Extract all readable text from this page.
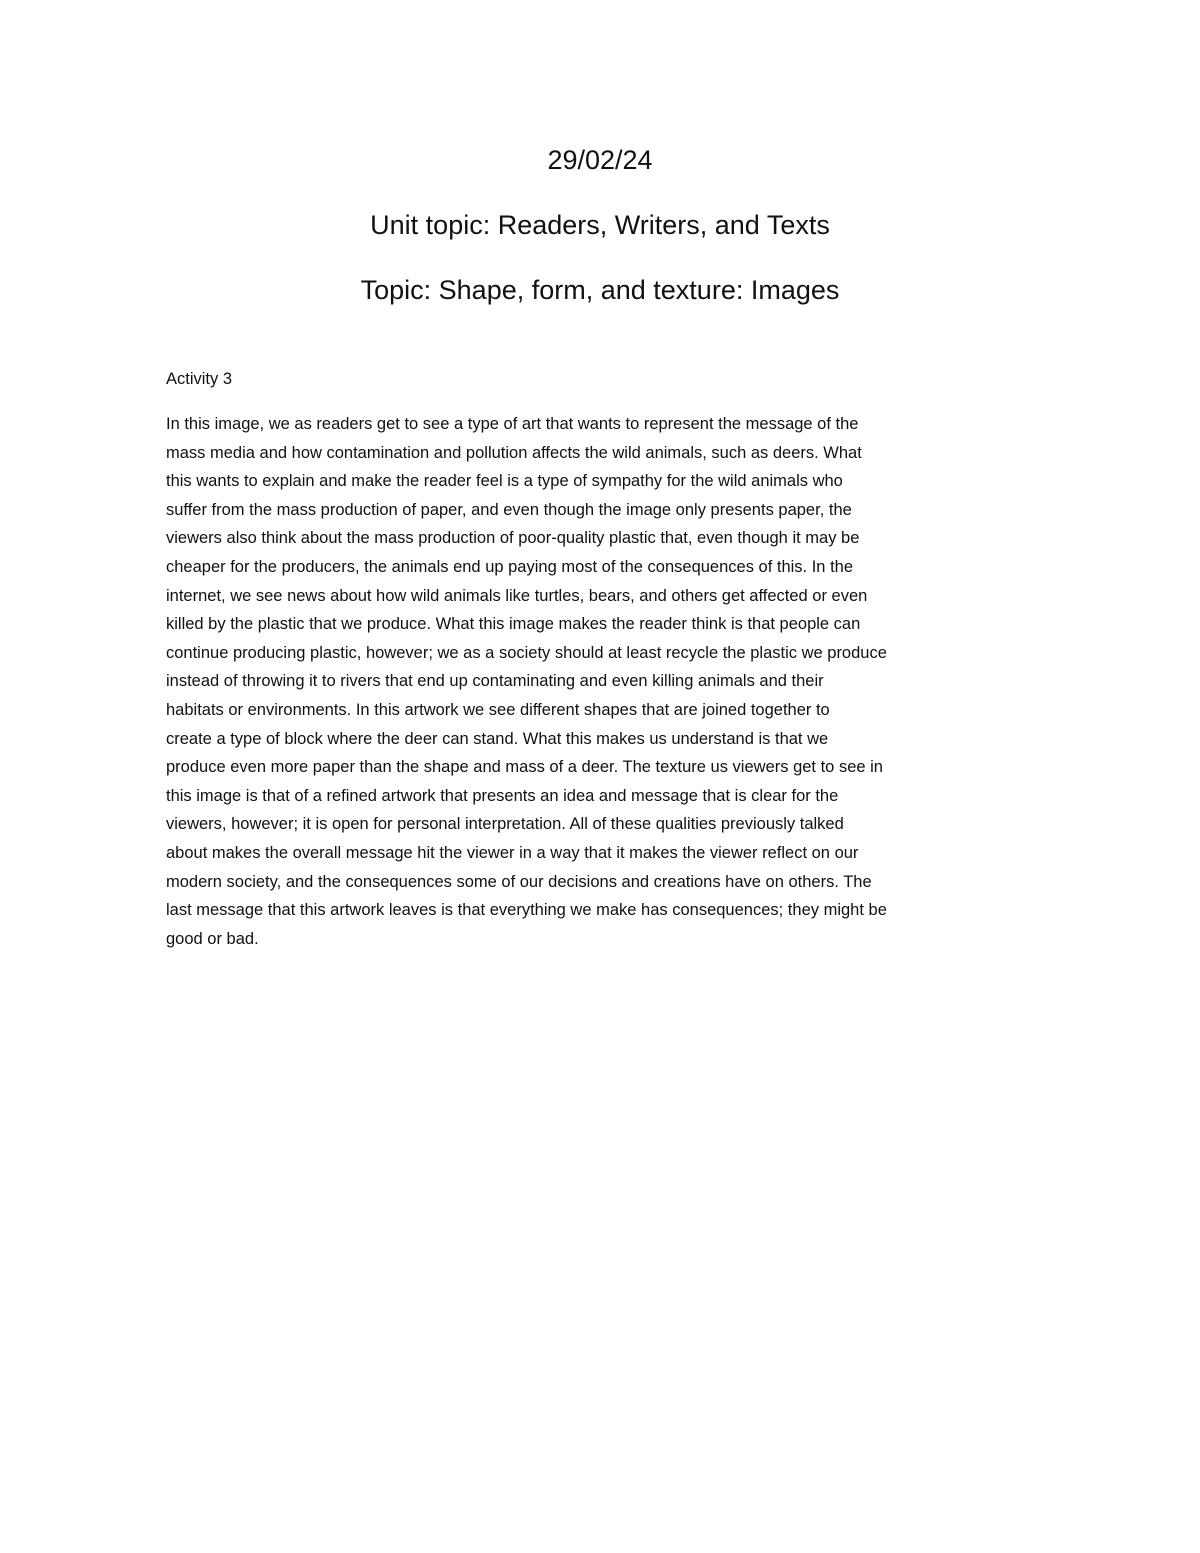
29/02/24
Unit topic: Readers, Writers, and Texts
Topic: Shape, form, and texture: Images

Activity 3

In this image, we as readers get to see a type of art that wants to represent the message of the
mass media and how contamination and pollution affects the wild animals, such as deers. What
this wants to explain and make the reader feel is a type of sympathy for the wild animals who
suffer from the mass production of paper, and even though the image only presents paper, the
viewers also think about the mass production of poor-quality plastic that, even though it may be
cheaper for the producers, the animals end up paying most of the consequences of this. In the
internet, we see news about how wild animals like turtles, bears, and others get affected or even
killed by the plastic that we produce. What this image makes the reader think is that people can
continue producing plastic, however; we as a society should at least recycle the plastic we produce
instead of throwing it to rivers that end up contaminating and even killing animals and their
habitats or environments. In this artwork we see different shapes that are joined together to
create a type of block where the deer can stand. What this makes us understand is that we
produce even more paper than the shape and mass of a deer. The texture us viewers get to see in
this image is that of a refined artwork that presents an idea and message that is clear for the
viewers, however; it is open for personal interpretation. All of these qualities previously talked
about makes the overall message hit the viewer in a way that it makes the viewer reflect on our
modern society, and the consequences some of our decisions and creations have on others. The
last message that this artwork leaves is that everything we make has consequences; they might be
good or bad.
